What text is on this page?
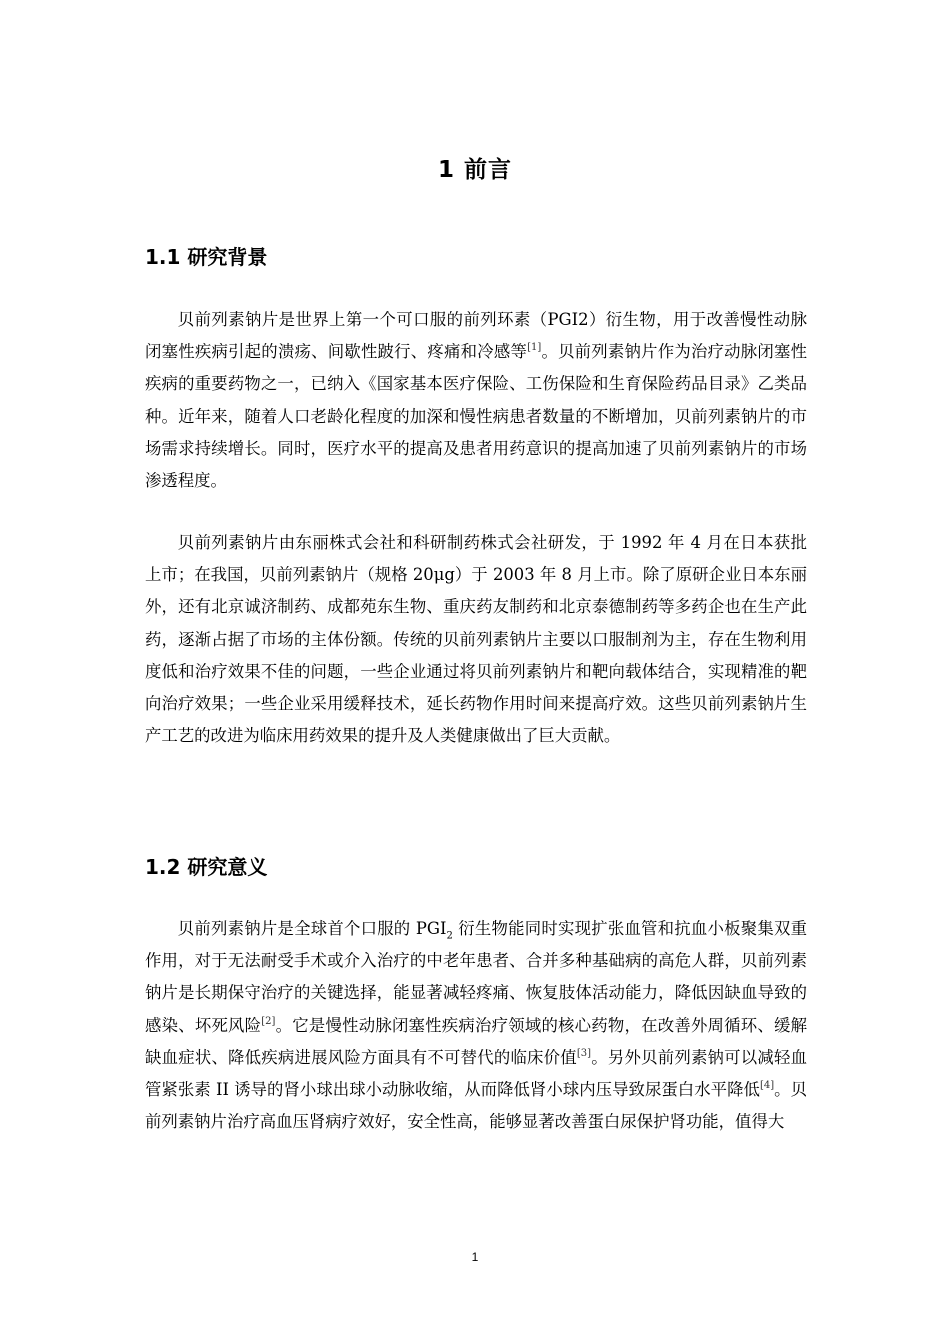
1 前言
1.1 研究背景

贝前列素钠片是世界上第一个可口服的前列环素（PGI2）衍生物，用于改善慢性动脉闭塞性疾病引起的溃疡、间歇性跛行、疼痛和冷感等[1]。贝前列素钠片作为治疗动脉闭塞性疾病的重要药物之一，已纳入《国家基本医疗保险、工伤保险和生育保险药品目录》乙类品种。近年来，随着人口老龄化程度的加深和慢性病患者数量的不断增加，贝前列素钠片的市场需求持续增长。同时，医疗水平的提高及患者用药意识的提高加速了贝前列素钠片的市场渗透程度。

贝前列素钠片由东丽株式会社和科研制药株式会社研发，于 1992 年 4 月在日本获批上市；在我国，贝前列素钠片（规格 20μg）于 2003 年 8 月上市。除了原研企业日本东丽外，还有北京诚济制药、成都苑东生物、重庆药友制药和北京泰德制药等多药企也在生产此药，逐渐占据了市场的主体份额。传统的贝前列素钠片主要以口服制剂为主，存在生物利用度低和治疗效果不佳的问题，一些企业通过将贝前列素钠片和靶向载体结合，实现精准的靶向治疗效果；一些企业采用缓释技术，延长药物作用时间来提高疗效。这些贝前列素钠片生产工艺的改进为临床用药效果的提升及人类健康做出了巨大贡献。

1.2 研究意义

贝前列素钠片是全球首个口服的 $PGI_2$ 衍生物能同时实现扩张血管和抗血小板聚集双重作用，对于无法耐受手术或介入治疗的中老年患者、合并多种基础病的高危人群，贝前列素钠片是长期保守治疗的关键选择，能显著减轻疼痛、恢复肢体活动能力，降低因缺血导致的感染、坏死风险[2]。它是慢性动脉闭塞性疾病治疗领域的核心药物，在改善外周循环、缓解缺血症状、降低疾病进展风险方面具有不可替代的临床价值[3]。另外贝前列素钠可以减轻血管紧张素 II 诱导的肾小球出球小动脉收缩，从而降低肾小球内压导致尿蛋白水平降低[4]。贝前列素钠片治疗高血压肾病疗效好，安全性高，能够显著改善蛋白尿保护肾功能，值得大

1
